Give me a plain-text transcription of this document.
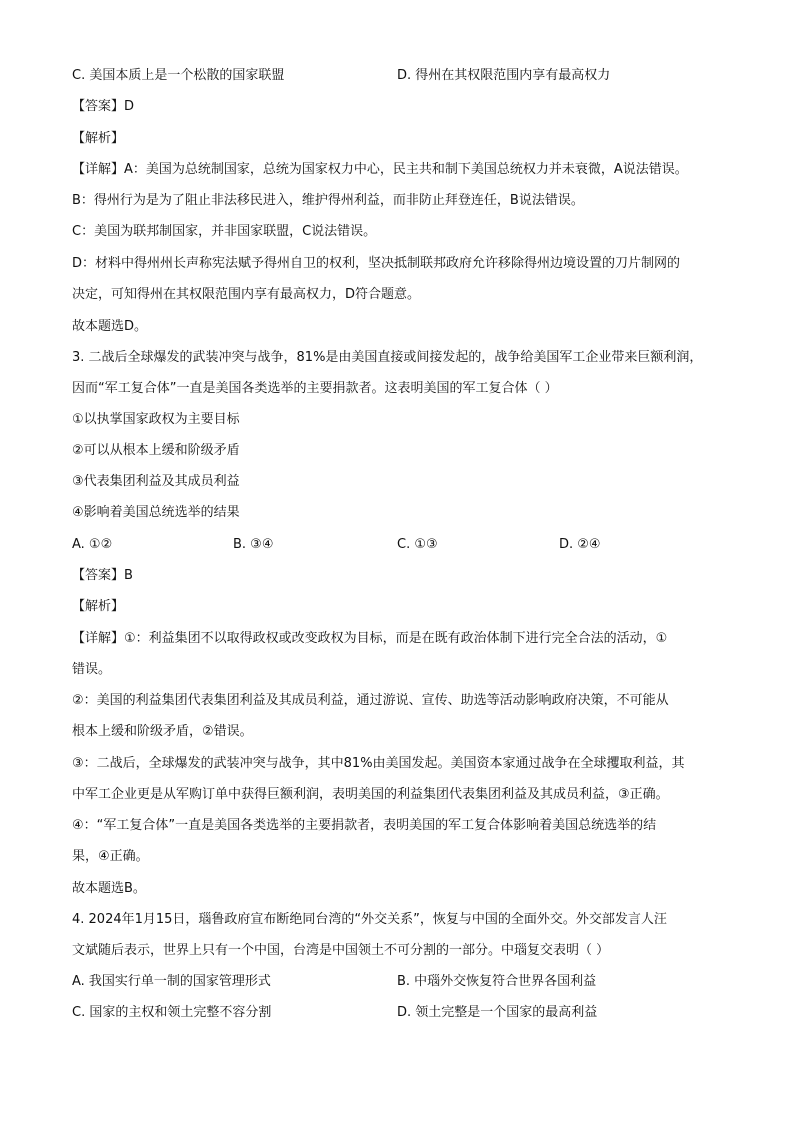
C. 美国本质上是一个松散的国家联盟	D. 得州在其权限范围内享有最高权力
【答案】D
【解析】
【详解】A：美国为总统制国家，总统为国家权力中心，民主共和制下美国总统权力并未衰微，A说法错误。
B：得州行为是为了阻止非法移民进入，维护得州利益，而非防止拜登连任，B说法错误。
C：美国为联邦制国家，并非国家联盟，C说法错误。
D：材料中得州州长声称宪法赋予得州自卫的权利，坚决抵制联邦政府允许移除得州边境设置的刀片制网的
决定，可知得州在其权限范围内享有最高权力，D符合题意。
故本题选D。
3. 二战后全球爆发的武装冲突与战争，81%是由美国直接或间接发起的，战争给美国军工企业带来巨额利润，
因而“军工复合体”一直是美国各类选举的主要捐款者。这表明美国的军工复合体（ ）
①以执掌国家政权为主要目标
②可以从根本上缓和阶级矛盾
③代表集团利益及其成员利益
④影响着美国总统选举的结果
A. ①②	B. ③④	C. ①③	D. ②④
【答案】B
【解析】
【详解】①：利益集团不以取得政权或改变政权为目标，而是在既有政治体制下进行完全合法的活动，①
错误。
②：美国的利益集团代表集团利益及其成员利益，通过游说、宣传、助选等活动影响政府决策，不可能从
根本上缓和阶级矛盾，②错误。
③：二战后，全球爆发的武装冲突与战争，其中81%由美国发起。美国资本家通过战争在全球攫取利益，其
中军工企业更是从军购订单中获得巨额利润，表明美国的利益集团代表集团利益及其成员利益，③正确。
④：“军工复合体”一直是美国各类选举的主要捐款者，表明美国的军工复合体影响着美国总统选举的结
果，④正确。
故本题选B。
4. 2024年1月15日，瑙鲁政府宣布断绝同台湾的“外交关系”，恢复与中国的全面外交。外交部发言人汪
文斌随后表示，世界上只有一个中国，台湾是中国领土不可分割的一部分。中瑙复交表明（ ）
A. 我国实行单一制的国家管理形式	B. 中瑙外交恢复符合世界各国利益
C. 国家的主权和领土完整不容分割	D. 领土完整是一个国家的最高利益
